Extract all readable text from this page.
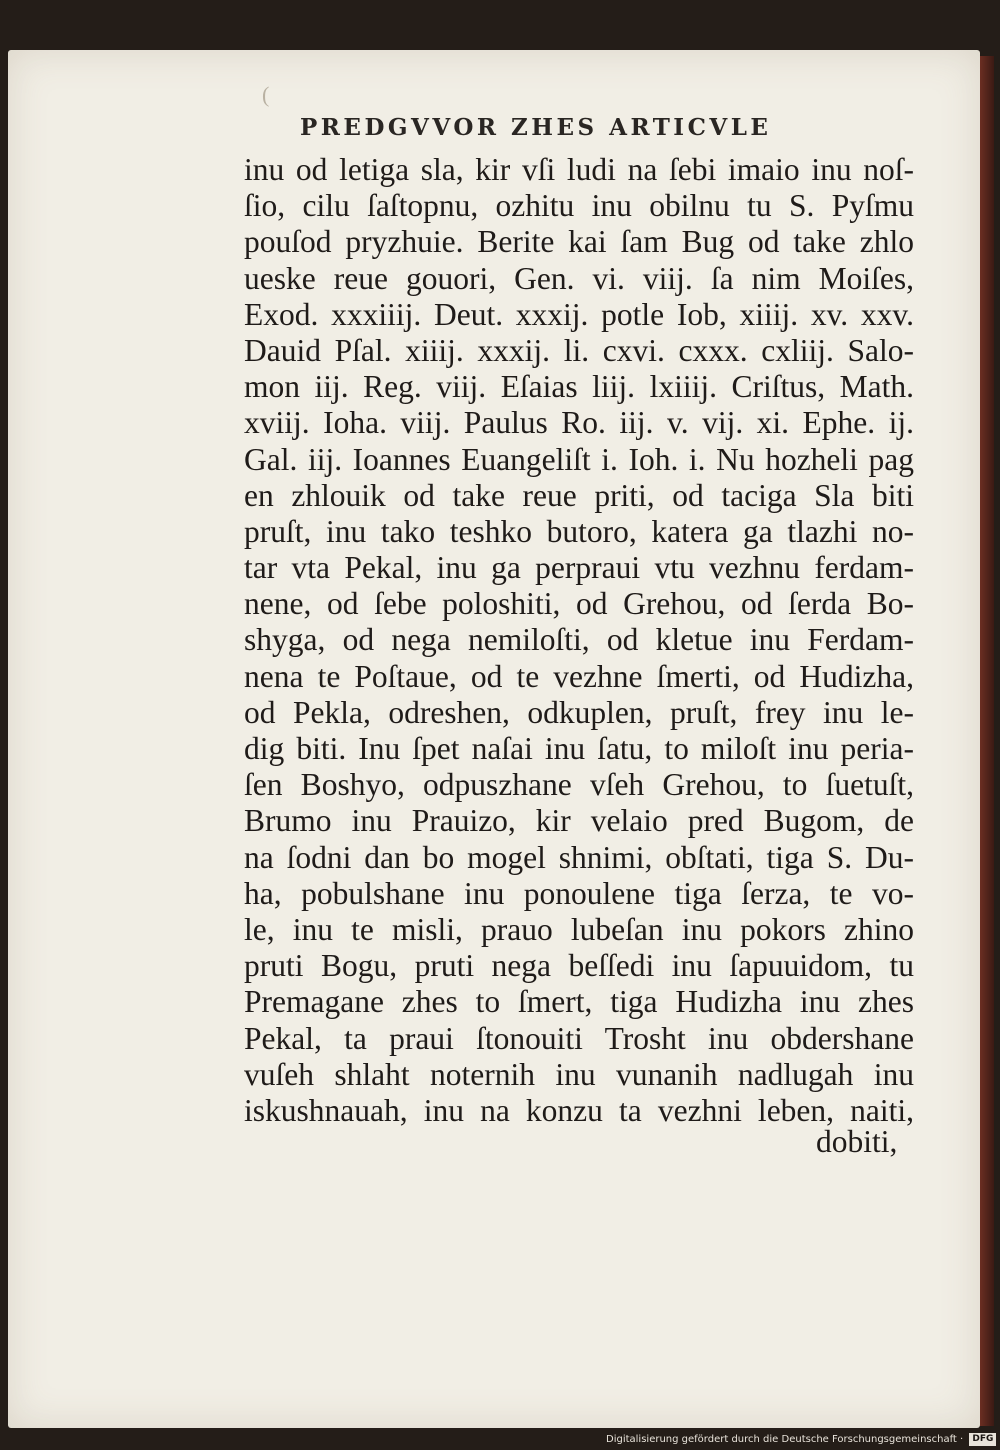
(
PREDGVVOR ZHES ARTICVLE
inu od letiga sla, kir vſi ludi na ſebi imaio inu noſ-
ſio, cilu ſaſtopnu, ozhitu inu obilnu tu S. Pyſmu
pouſod pryzhuie. Berite kai ſam Bug od take zhlo
ueske reue gouori, Gen. vi. viij. ſa nim Moiſes,
Exod. xxxiiij. Deut. xxxij. potle Iob, xiiij. xv. xxv.
Dauid Pſal. xiiij. xxxij. li. cxvi. cxxx. cxliij. Salo-
mon iij. Reg. viij. Eſaias liij. lxiiij. Criſtus, Math.
xviij. Ioha. viij. Paulus Ro. iij. v. vij. xi. Ephe. ij.
Gal. iij. Ioannes Euangeliſt i. Ioh. i. Nu hozheli pag
en zhlouik od take reue priti, od taciga Sla biti
pruſt, inu tako teshko butoro, katera ga tlazhi no-
tar vta Pekal, inu ga perpraui vtu vezhnu ferdam-
nene, od ſebe poloshiti, od Grehou, od ſerda Bo-
shyga, od nega nemiloſti, od kletue inu Ferdam-
nena te Poſtaue, od te vezhne ſmerti, od Hudizha,
od Pekla, odreshen, odkuplen, pruſt, frey inu le-
dig biti. Inu ſpet naſai inu ſatu, to miloſt inu peria-
ſen Boshyo, odpuszhane vſeh Grehou, to ſuetuſt,
Brumo inu Prauizo, kir velaio pred Bugom, de
na ſodni dan bo mogel shnimi, obſtati, tiga S. Du-
ha, pobulshane inu ponoulene tiga ſerza, te vo-
le, inu te misli, prauo lubeſan inu pokors zhino
pruti Bogu, pruti nega beſſedi inu ſapuuidom, tu
Premagane zhes to ſmert, tiga Hudizha inu zhes
Pekal, ta praui ſtonouiti Trosht inu obdershane
vuſeh shlaht noternih inu vunanih nadlugah inu
iskushnauah, inu na konzu ta vezhni leben, naiti,
dobiti,
Digitalisierung gefördert durch die Deutsche Forschungsgemeinschaft · DFG
